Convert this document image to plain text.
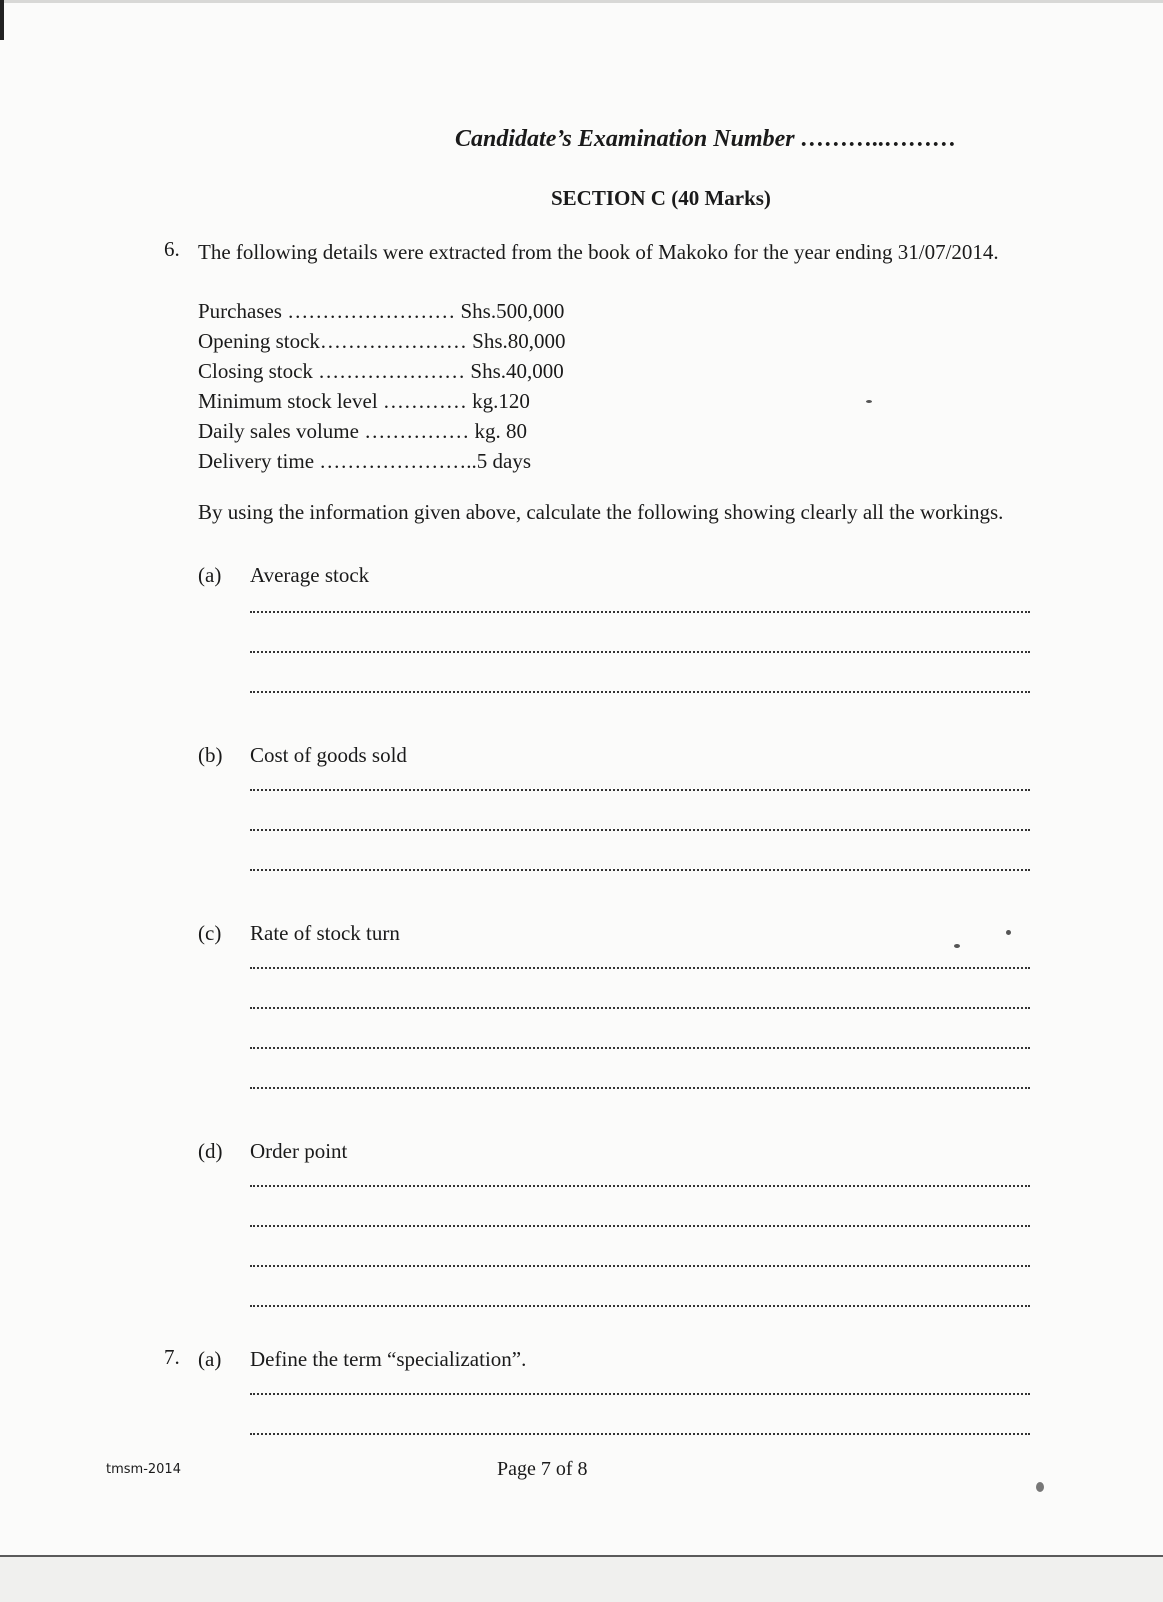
Candidate’s Examination Number ………..………
SECTION C (40 Marks)
6. The following details were extracted from the book of Makoko for the year ending 31/07/2014.
Purchases …………………… Shs.500,000
Opening stock………………… Shs.80,000
Closing stock ………………… Shs.40,000
Minimum stock level ………… kg.120
Daily sales volume …………… kg. 80
Delivery time …………………..5 days
By using the information given above, calculate the following showing clearly all the workings.
(a) Average stock
(b) Cost of goods sold
(c) Rate of stock turn
(d) Order point
7. (a) Define the term “specialization”.
tmsm-2014	Page 7 of 8
